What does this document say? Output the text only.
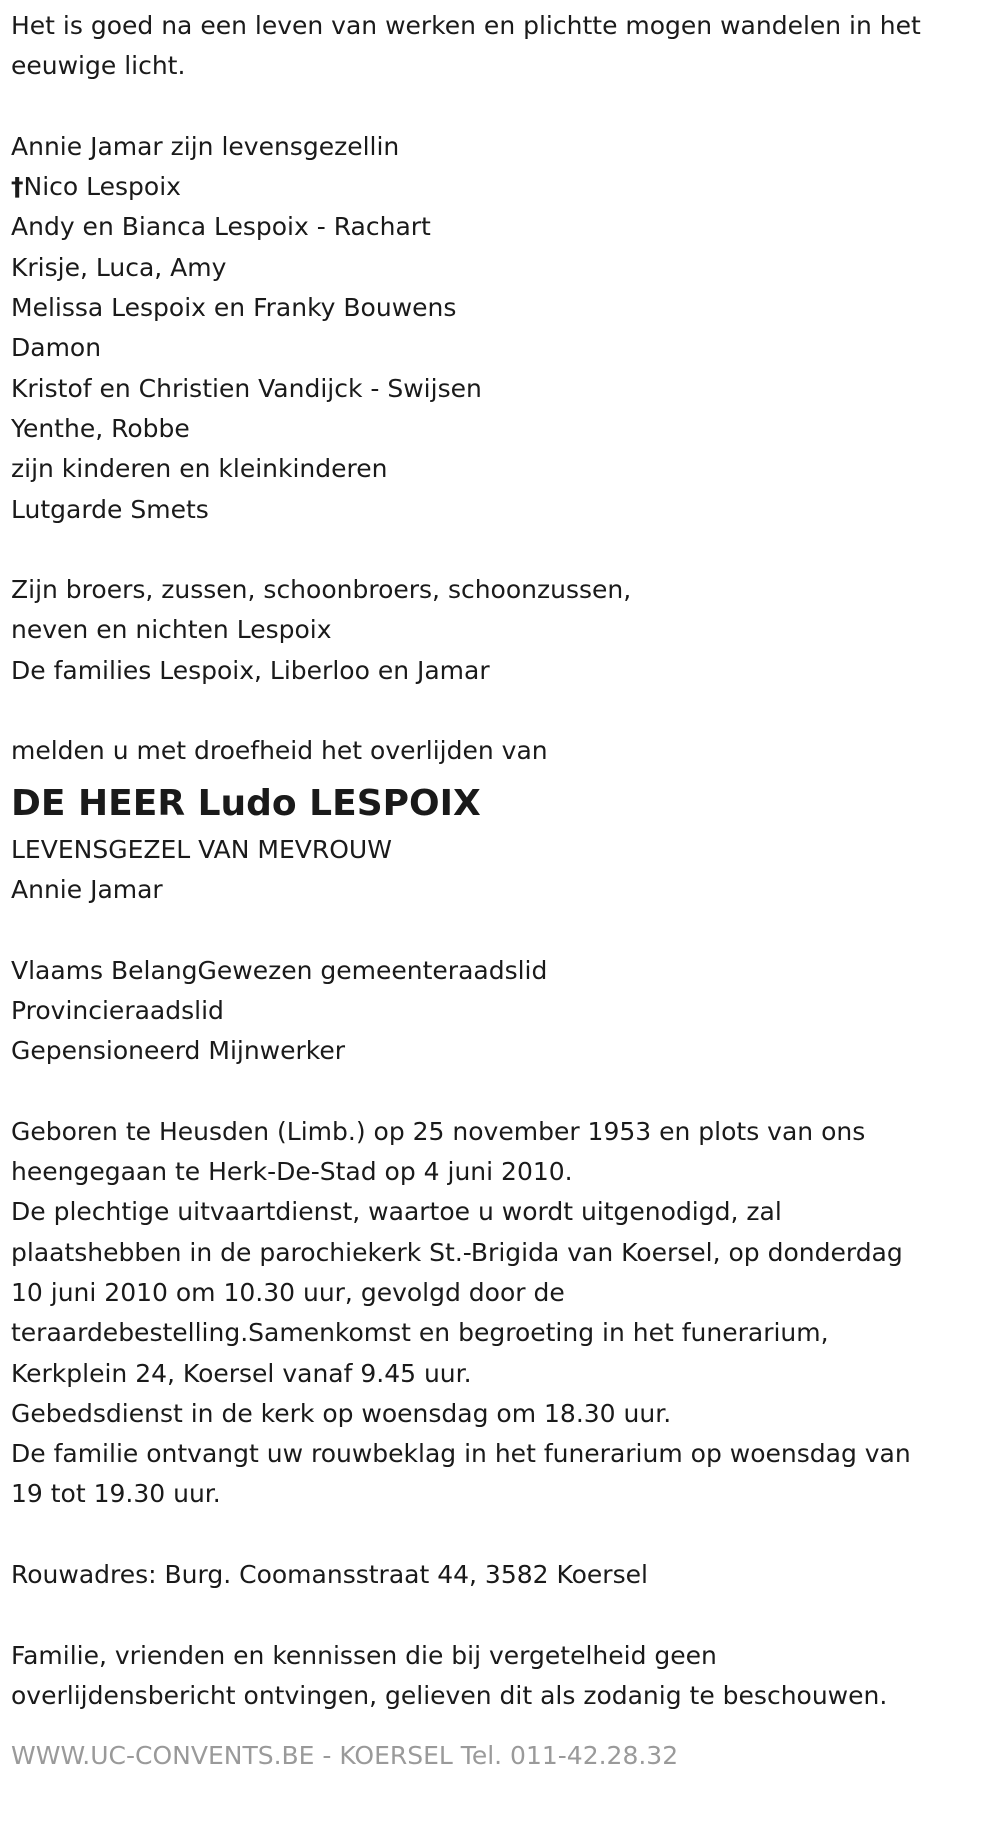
Het is goed na een leven van werken en plichtte mogen wandelen in het
eeuwige licht.
Annie Jamar zijn levensgezellin
†Nico Lespoix
Andy en Bianca Lespoix - Rachart
Krisje, Luca, Amy
Melissa Lespoix en Franky Bouwens
Damon
Kristof en Christien Vandijck - Swijsen
Yenthe, Robbe
zijn kinderen en kleinkinderen
Lutgarde Smets
Zijn broers, zussen, schoonbroers, schoonzussen,
neven en nichten Lespoix
De families Lespoix, Liberloo en Jamar
melden u met droefheid het overlijden van
DE HEER Ludo LESPOIX
LEVENSGEZEL VAN MEVROUW
Annie Jamar
Vlaams BelangGewezen gemeenteraadslid
Provincieraadslid
Gepensioneerd Mijnwerker
Geboren te Heusden (Limb.) op 25 november 1953 en plots van ons
heengegaan te Herk-De-Stad op 4 juni 2010.
De plechtige uitvaartdienst, waartoe u wordt uitgenodigd, zal
plaatshebben in de parochiekerk St.-Brigida van Koersel, op donderdag
10 juni 2010 om 10.30 uur, gevolgd door de
teraardebestelling.Samenkomst en begroeting in het funerarium,
Kerkplein 24, Koersel vanaf 9.45 uur.
Gebedsdienst in de kerk op woensdag om 18.30 uur.
De familie ontvangt uw rouwbeklag in het funerarium op woensdag van
19 tot 19.30 uur.
Rouwadres: Burg. Coomansstraat 44, 3582 Koersel
Familie, vrienden en kennissen die bij vergetelheid geen
overlijdensbericht ontvingen, gelieven dit als zodanig te beschouwen.
WWW.UC-CONVENTS.BE - KOERSEL Tel. 011-42.28.32
